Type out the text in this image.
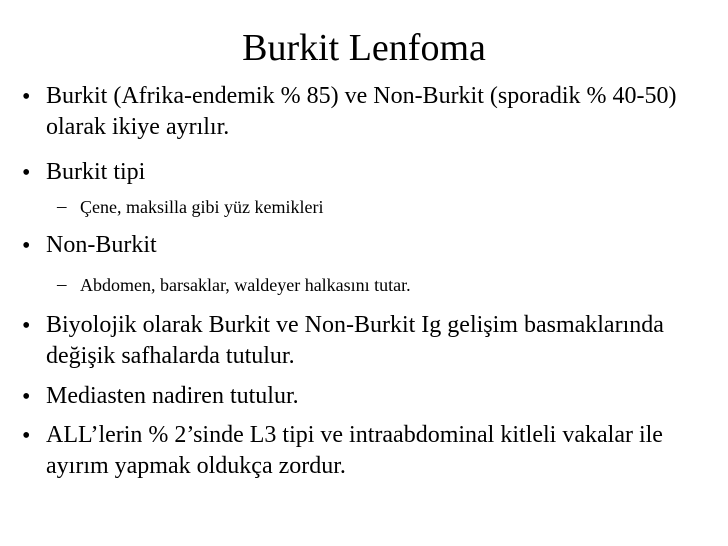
Burkit Lenfoma
• Burkit (Afrika-endemik % 85) ve Non-Burkit (sporadik % 40-50) olarak ikiye ayrılır.
• Burkit tipi
– Çene, maksilla gibi yüz kemikleri
• Non-Burkit
– Abdomen, barsaklar, waldeyer halkasını tutar.
• Biyolojik olarak Burkit ve Non-Burkit Ig gelişim basmaklarında değişik safhalarda tutulur.
• Mediasten nadiren tutulur.
• ALL’lerin % 2’sinde L3 tipi ve intraabdominal kitleli vakalar ile ayırım yapmak oldukça zordur.
